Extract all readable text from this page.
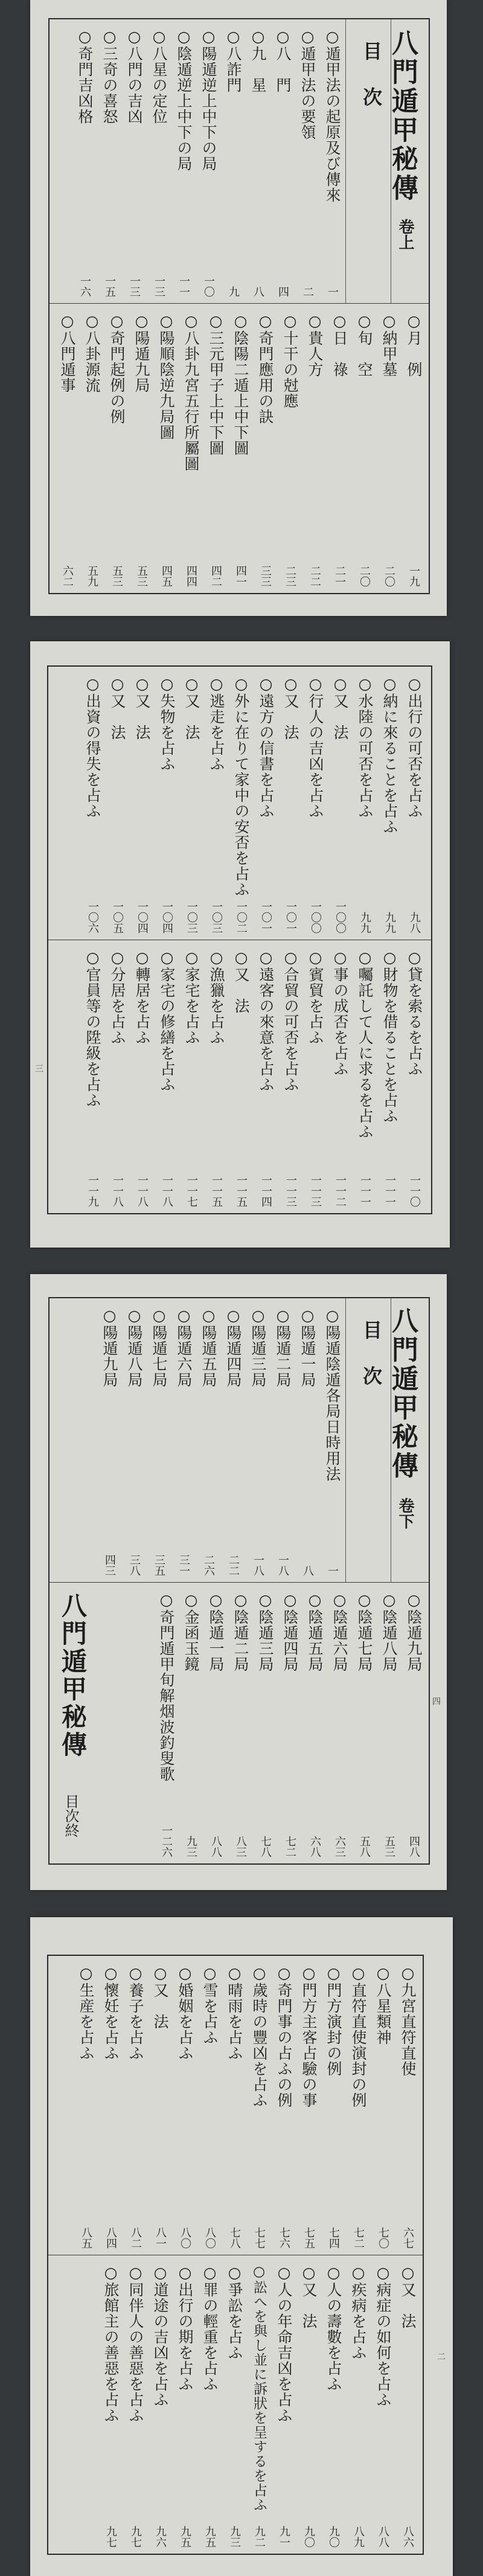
八門遁甲秘傳
卷上
目　次
○遁甲法の起原及び傳來
一
○遁甲法の要領
二
○八　門
四
○九　星
八
○八詐門
九
○陽遁逆上中下の局
一〇
○陰遁逆上中下の局
一一
○八星の定位
一三
○八門の吉凶
一三
○三奇の喜怒
一五
○奇門吉凶格
一六
○月　例
一九
○納甲墓
二〇
○旬　空
二〇
○日　祿
二一
○貴人方
二二
○十干の尅應
二三
○奇門應用の訣
三三
○陰陽二遁上中下圖
四一
○三元甲子上中下圖
四二
○八卦九宮五行所屬圖
四四
○陽順陰逆九局圖
四五
○陽遁九局
五三
○奇門起例の例
五三
○八卦源流
五九
○八門遁事
六二
○出行の可否を占ふ
九八
○納に來ることを占ふ
九九
○水陸の可否を占ふ
九九
○又　法
一〇〇
○行人の吉凶を占ふ
一〇〇
○又　法
一〇一
○遠方の信書を占ふ
一〇一
○外に在りて家中の安否を占ふ
一〇二
○逃走を占ふ
一〇三
○又　法
一〇三
○失物を占ふ
一〇四
○又　法
一〇四
○又　法
一〇五
○出資の得失を占ふ
一〇六
○貸を索るを占ふ
一一〇
○財物を借ることを占ふ
一一一
○囑託して人に求るを占ふ
一一一
○事の成否を占ふ
一一二
○賓貿を占ふ
一一三
○合貿の可否を占ふ
一一三
○遠客の來意を占ふ
一一四
○又　法
一一五
○漁獵を占ふ
一一五
○家宅を占ふ
一一七
○家宅の修繕を占ふ
一一八
○轉居を占ふ
一一八
○分居を占ふ
一一八
○官員等の陞級を占ふ
一一九
三
八門遁甲秘傳
卷下
目　次
○陽遁陰遁各局日時用法
一
○陽遁一局
八
○陽遁二局
一八
○陽遁三局
一八
○陽遁四局
二二
○陽遁五局
二六
○陽遁六局
三一
○陽遁七局
三五
○陽遁八局
三八
○陽遁九局
四三
○陰遁九局
四八
○陰遁八局
五三
○陰遁七局
五八
○陰遁六局
六三
○陰遁五局
六八
○陰遁四局
七二
○陰遁三局
七八
○陰遁二局
八三
○陰遁一局
八八
○金函玉鏡
九三
○奇門遁甲旬解烟波釣叟歌
一二六
八門遁甲秘傳
目次終
四
○九宮直符直使
六七
○八星類神
七〇
○直符直使演封の例
七二
○門方演封の例
七四
○門方主客占驗の事
七五
○奇門事の占ふの例
七六
○歲時の豐凶を占ふ
七七
○晴雨を占ふ
七八
○雪を占ふ
八〇
○婚姻を占ふ
八〇
○又　法
八一
○養子を占ふ
八二
○懷妊を占ふ
八四
○生産を占ふ
八五
○又　法
八六
○病症の如何を占ふ
八八
○疾病を占ふ
八九
○人の壽數を占ふ
九〇
○又　法
九〇
○人の年命吉凶を占ふ
九一
○訟へを與し並に訴狀を呈するを占ふ
九二
○爭訟を占ふ
九三
○罪の輕重を占ふ
九五
○出行の期を占ふ
九五
○道途の吉凶を占ふ
九六
○同伴人の善惡を占ふ
九七
○旅館主の善惡を占ふ
九七
二
